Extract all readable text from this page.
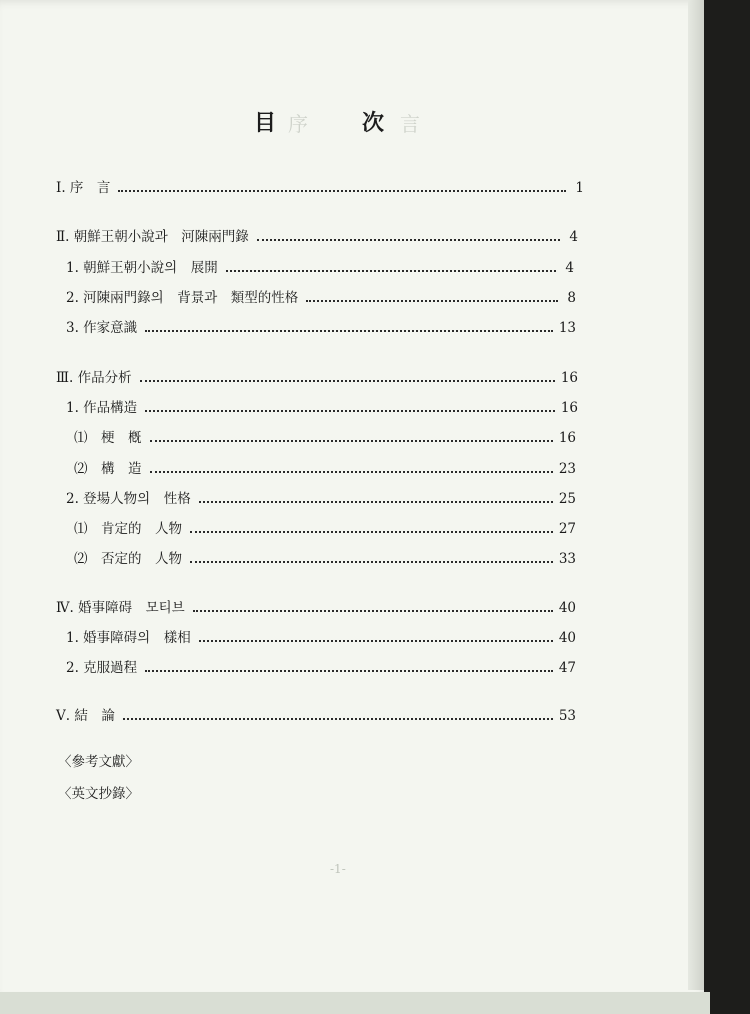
序	言
目	次
Ⅰ. 序　言	1
Ⅱ. 朝鮮王朝小說과　河陳兩門錄	4
1. 朝鮮王朝小說의　展開	4
2. 河陳兩門錄의　背景과　類型的性格	8
3. 作家意識	13
Ⅲ. 作品分析	16
1. 作品構造	16
⑴　梗　槪	16
⑵　構　造	23
2. 登場人物의　性格	25
⑴　肯定的　人物	27
⑵　否定的　人物	33
Ⅳ. 婚事障碍　모티브	40
1. 婚事障碍의　樣相	40
2. 克服過程	47
Ⅴ. 結　論	53
〈參考文獻〉
〈英文抄錄〉
-1-
